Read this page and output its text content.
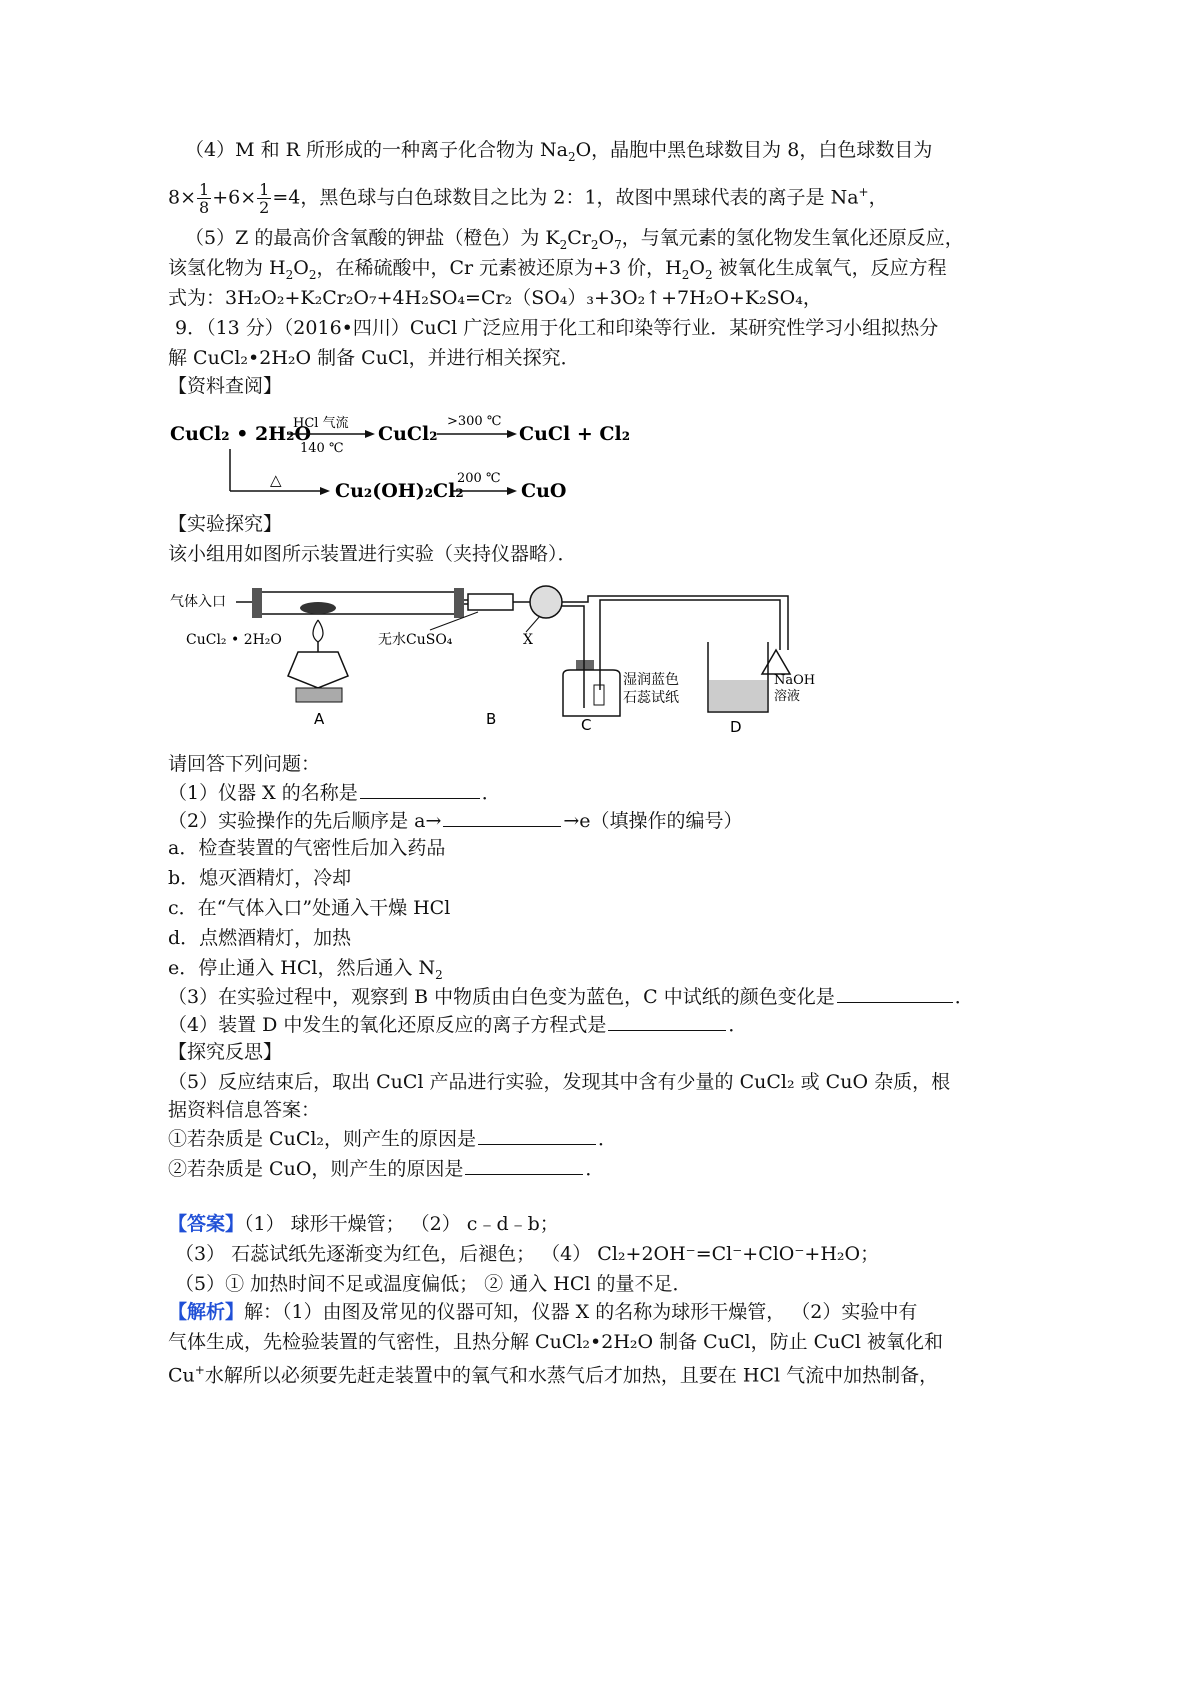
（4）M 和 R 所形成的一种离子化合物为 $Na_2O$，晶胞中黑色球数目为 8，白色球数目为
$8\times \frac{1}{8} +6\times \frac{1}{2} =4$，黑色球与白色球数目之比为 2：1，故图中黑球代表的离子是 Na+，
（5）Z 的最高价含氧酸的钾盐（橙色）为 $K_2Cr_2O_7$，与氧元素的氢化物发生氧化还原反应，
该氢化物为 $H_2O_2$，在稀硫酸中，Cr 元素被还原为+3 价，$H_2O_2$ 被氧化生成氧气，反应方程
式为：3H₂O₂+K₂Cr₂O₇+4H₂SO₄=Cr₂（SO₄）₃+3O₂↑+7H₂O+K₂SO₄，
9．（13 分）（2016•四川）CuCl 广泛应用于化工和印染等行业．某研究性学习小组拟热分
解 CuCl₂•2H₂O 制备 CuCl，并进行相关探究．
【资料查阅】
CuCl₂ • 2H₂O
HCl 气流
140 ℃
CuCl₂
>300 ℃
CuCl + Cl₂
△	Cu₂(OH)₂Cl₂
200 ℃
CuO
【实验探究】
该小组用如图所示装置进行实验（夹持仪器略）．
气体入口
CuCl₂ • 2H₂O
A
无水CuSO₄	X
B
湿润蓝色
石蕊试纸
C
NaOH
溶液
D
请回答下列问题：
（1）仪器 X 的名称是	．
（2）实验操作的先后顺序是 a→	→e（填操作的编号）
a．检查装置的气密性后加入药品
b．熄灭酒精灯，冷却
c．在“气体入口”处通入干燥 HCl
d．点燃酒精灯，加热
e．停止通入 HCl，然后通入 $N_2$
（3）在实验过程中，观察到 B 中物质由白色变为蓝色，C 中试纸的颜色变化是	．
（4）装置 D 中发生的氧化还原反应的离子方程式是	．
【探究反思】
（5）反应结束后，取出 CuCl 产品进行实验，发现其中含有少量的 CuCl₂ 或 CuO 杂质，根
据资料信息答案：
①若杂质是 CuCl₂，则产生的原因是	．
②若杂质是 CuO，则产生的原因是	．
【答案】（1） 球形干燥管； （2） c﹣d﹣b；
（3） 石蕊试纸先逐渐变为红色，后褪色； （4） Cl₂+2OH⁻=Cl⁻+ClO⁻+H₂O；
（5）① 加热时间不足或温度偏低； ② 通入 HCl 的量不足．
【解析】解：（1）由图及常见的仪器可知，仪器 X 的名称为球形干燥管， （2）实验中有
气体生成，先检验装置的气密性，且热分解 CuCl₂•2H₂O 制备 CuCl，防止 CuCl 被氧化和
Cu+水解所以必须要先赶走装置中的氧气和水蒸气后才加热，且要在 HCl 气流中加热制备，
